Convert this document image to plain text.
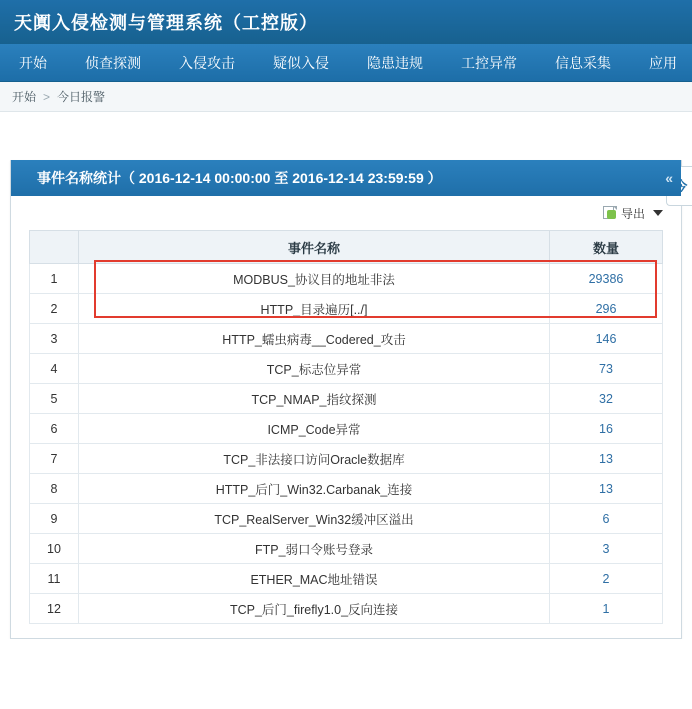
天阗入侵检测与管理系统（工控版）
开始	侦查探测	入侵攻击	疑似入侵	隐患违规	工控异常	信息采集	应用
开始 > 今日报警
事件名称统计（ 2016-12-14 00:00:00 至 2016-12-14 23:59:59 ）	«
导出
	事件名称	数量
1	MODBUS_协议目的地址非法	29386
2	HTTP_目录遍历[../]	296
3	HTTP_蠕虫病毒__Codered_攻击	146
4	TCP_标志位异常	73
5	TCP_NMAP_指纹探测	32
6	ICMP_Code异常	16
7	TCP_非法接口访问Oracle数据库	13
8	HTTP_后门_Win32.Carbanak_连接	13
9	TCP_RealServer_Win32缓冲区溢出	6
10	FTP_弱口令账号登录	3
11	ETHER_MAC地址错误	2
12	TCP_后门_firefly1.0_反向连接	1
